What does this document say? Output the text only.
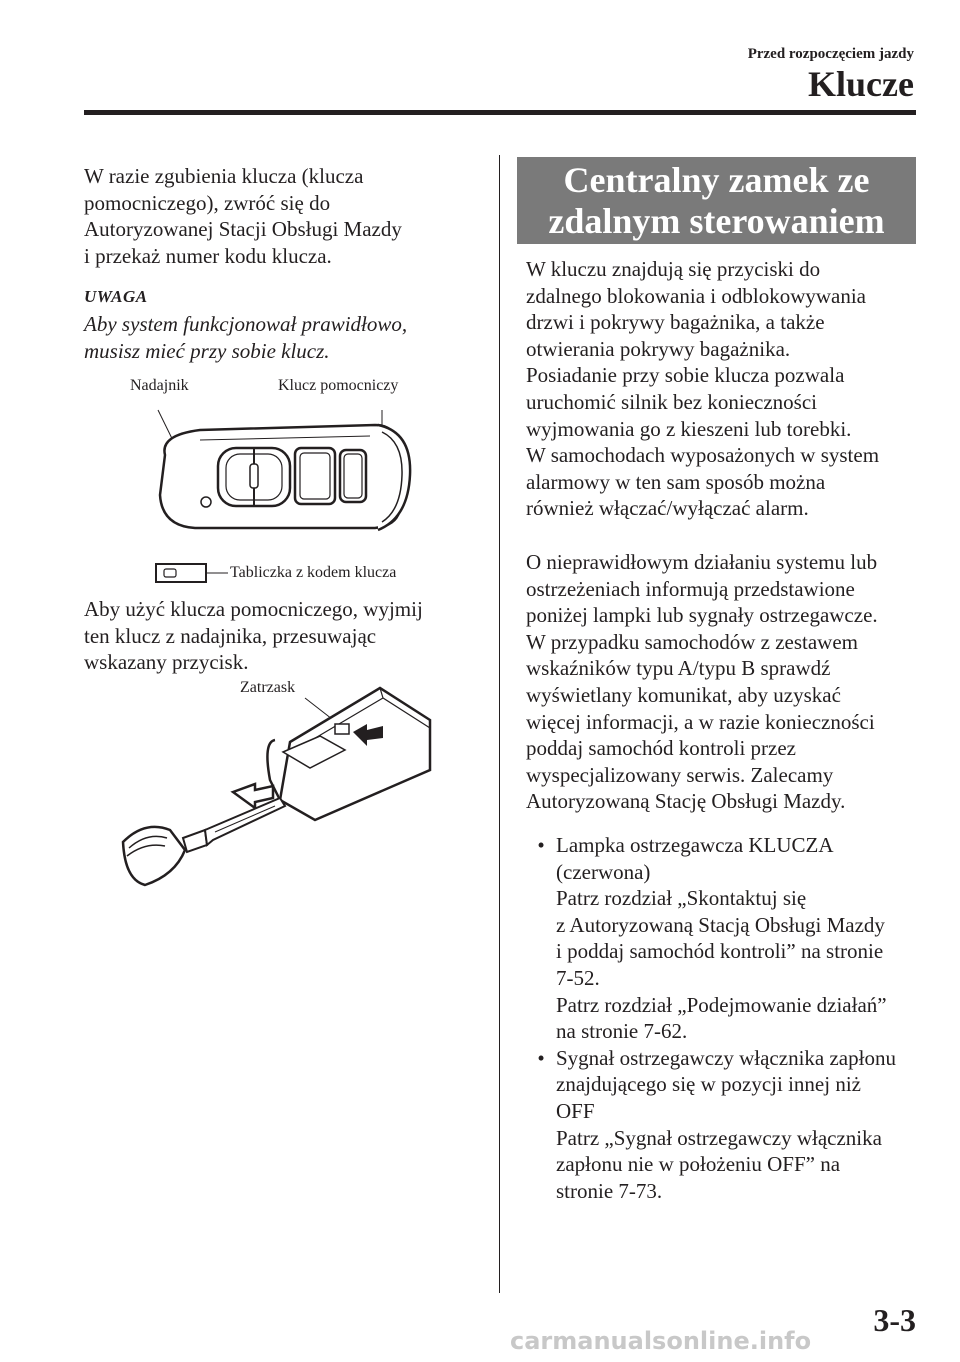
Przed rozpoczęciem jazdy
Klucze

W razie zgubienia klucza (klucza
pomocniczego), zwróć się do
Autoryzowanej Stacji Obsługi Mazdy
i przekaż numer kodu klucza.

UWAGA
Aby system funkcjonował prawidłowo,
musisz mieć przy sobie klucz.
Nadajnik	Klucz pomocniczy
Tabliczka z kodem klucza

Aby użyć klucza pomocniczego, wyjmij
ten klucz z nadajnika, przesuwając
wskazany przycisk.

Zatrzask
Centralny zamek ze
zdalnym sterowaniem

W kluczu znajdują się przyciski do
zdalnego blokowania i odblokowywania
drzwi i pokrywy bagażnika, a także
otwierania pokrywy bagażnika.
Posiadanie przy sobie klucza pozwala
uruchomić silnik bez konieczności
wyjmowania go z kieszeni lub torebki.
W samochodach wyposażonych w system
alarmowy w ten sam sposób można
również włączać/wyłączać alarm.

O nieprawidłowym działaniu systemu lub
ostrzeżeniach informują przedstawione
poniżej lampki lub sygnały ostrzegawcze.
W przypadku samochodów z zestawem
wskaźników typu A/typu B sprawdź
wyświetlany komunikat, aby uzyskać
więcej informacji, a w razie konieczności
poddaj samochód kontroli przez
wyspecjalizowany serwis. Zalecamy
Autoryzowaną Stację Obsługi Mazdy.

• Lampka ostrzegawcza KLUCZA
(czerwona)
Patrz rozdział „Skontaktuj się
z Autoryzowaną Stacją Obsługi Mazdy
i poddaj samochód kontroli” na stronie
7-52.
Patrz rozdział „Podejmowanie działań”
na stronie 7-62.
• Sygnał ostrzegawczy włącznika zapłonu
znajdującego się w pozycji innej niż
OFF
Patrz „Sygnał ostrzegawczy włącznika
zapłonu nie w położeniu OFF” na
stronie 7-73.
3-3
carmanualsonline.info
